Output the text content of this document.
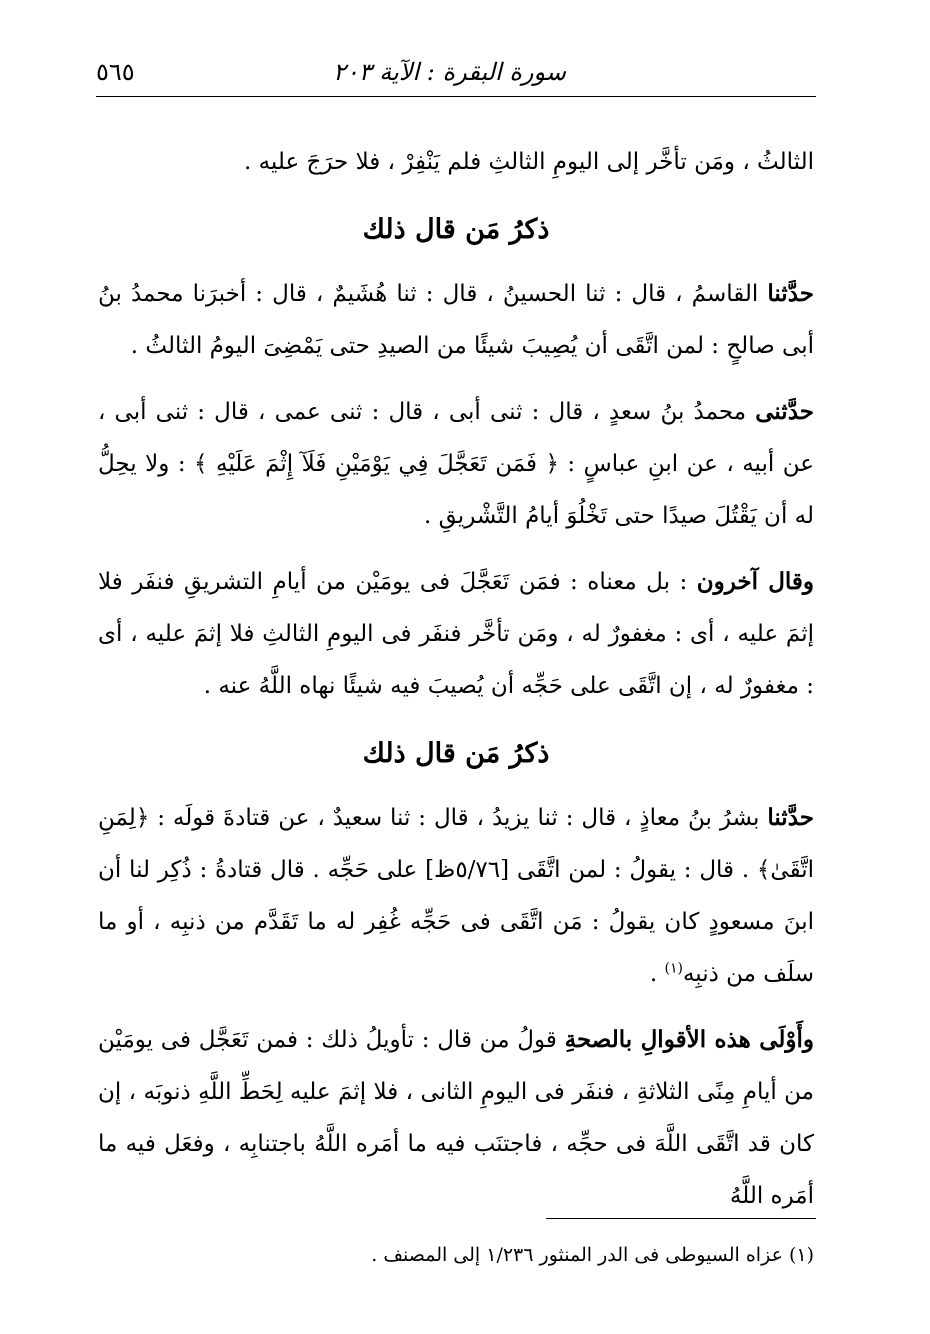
سورة البقرة : الآية ٢٠٣
٥٦٥

الثالثُ ، ومَن تأخَّر إلى اليومِ الثالثِ فلم يَنْفِرْ ، فلا حرَجَ عليه .

ذكرُ مَن قال ذلك

حدَّثنا القاسمُ ، قال : ثنا الحسينُ ، قال : ثنا هُشَيمٌ ، قال : أخبرَنا محمدُ بنُ أبى صالحٍ : لمن اتَّقَى أن يُصِيبَ شيئًا من الصيدِ حتى يَمْضِىَ اليومُ الثالثُ .

حدَّثنى محمدُ بنُ سعدٍ ، قال : ثنى أبى ، قال : ثنى عمى ، قال : ثنى أبى ، عن أبيه ، عن ابنِ عباسٍ : ﴿ فَمَن تَعَجَّلَ فِي يَوْمَيْنِ فَلَآ إِثْمَ عَلَيْهِ ﴾ : ولا يحِلُّ له أن يَقْتُلَ صيدًا حتى تَخْلُوَ أيامُ التَّشْريقِ .

وقال آخرون : بل معناه : فمَن تَعَجَّلَ فى يومَيْن من أيامِ التشريقِ فنفَر فلا إثمَ عليه ، أى : مغفورٌ له ، ومَن تأخَّر فنفَر فى اليومِ الثالثِ فلا إثمَ عليه ، أى : مغفورٌ له ، إن اتَّقَى على حَجِّه أن يُصيبَ فيه شيئًا نهاه اللَّهُ عنه .

ذكرُ مَن قال ذلك

حدَّثنا بشرُ بنُ معاذٍ ، قال : ثنا يزيدُ ، قال : ثنا سعيدٌ ، عن قتادةَ قولَه : ﴿لِمَنِ اتَّقَىٰ﴾ . قال : يقولُ : لمن اتَّقَى [٥/٧٦ظ] على حَجِّه . قال قتادةُ : ذُكِر لنا أن ابنَ مسعودٍ كان يقولُ : مَن اتَّقَى فى حَجِّه غُفِر له ما تَقَدَّم من ذنبِه ، أو ما سلَف من ذنبِه$^{(١)}$ .

وأَوْلَى هذه الأقوالِ بالصحةِ قولُ من قال : تأويلُ ذلك : فمن تَعَجَّل فى يومَيْن من أيامِ مِنًى الثلاثةِ ، فنفَر فى اليومِ الثانى ، فلا إثمَ عليه لِحَطِّ اللَّهِ ذنوبَه ، إن كان قد اتَّقَى اللَّهَ فى حجِّه ، فاجتنَب فيه ما أمَره اللَّهُ باجتنابِه ، وفعَل فيه ما أمَره اللَّهُ

(١) عزاه السيوطى فى الدر المنثور ١/٢٣٦ إلى المصنف .
